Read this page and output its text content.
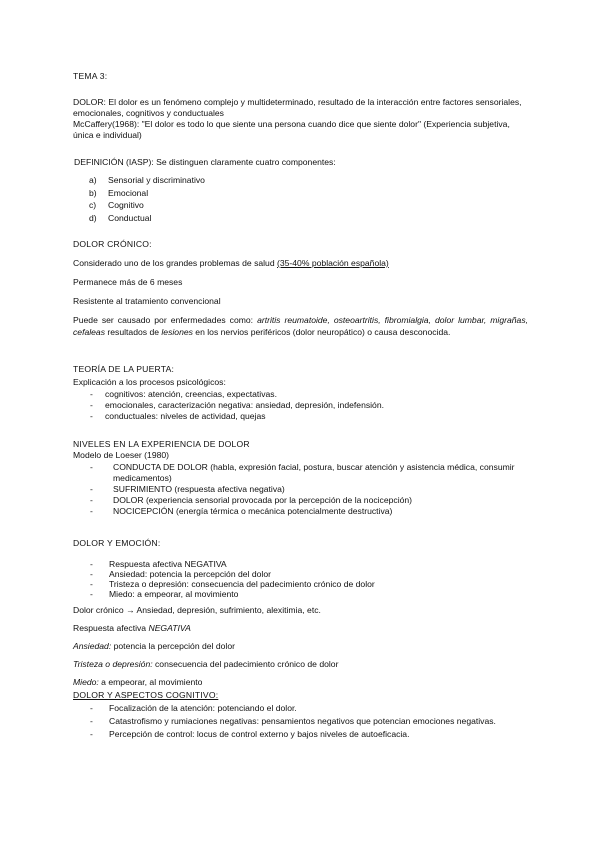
TEMA 3:

DOLOR: El dolor es un fenómeno complejo y multideterminado, resultado de la interacción entre factores sensoriales, emocionales, cognitivos y conductuales

McCaffery(1968): "El dolor es todo lo que siente una persona cuando dice que siente dolor" (Experiencia subjetiva, única e individual)

DEFINICIÓN (IASP): Se distinguen claramente cuatro componentes:

a)	Sensorial y discriminativo
b)	Emocional
c)	Cognitivo
d)	Conductual

DOLOR CRÓNICO:

Considerado uno de los grandes problemas de salud (35-40% población española)

Permanece más de 6 meses

Resistente al tratamiento convencional

Puede ser causado por enfermedades como: artritis reumatoide, osteoartritis, fibromialgia, dolor lumbar, migrañas, cefaleas resultados de lesiones en los nervios periféricos (dolor neuropático) o causa desconocida.

TEORÍA DE LA PUERTA:

Explicación a los procesos psicológicos:

-	cognitivos: atención, creencias, expectativas.
-	emocionales, caracterización negativa: ansiedad, depresión, indefensión.
-	conductuales: niveles de actividad, quejas

NIVELES EN LA EXPERIENCIA DE DOLOR

Modelo de Loeser (1980)

-	CONDUCTA DE DOLOR (habla, expresión facial, postura, buscar atención y asistencia médica, consumir medicamentos)
-	SUFRIMIENTO (respuesta afectiva negativa)
-	DOLOR (experiencia sensorial provocada por la percepción de la nocicepción)
-	NOCICEPCIÓN (energía térmica o mecánica potencialmente destructiva)

DOLOR Y EMOCIÓN:

-	Respuesta afectiva NEGATIVA
-	Ansiedad: potencia la percepción del dolor
-	Tristeza o depresión: consecuencia del padecimiento crónico de dolor
-	Miedo: a empeorar, al movimiento

Dolor crónico → Ansiedad, depresión, sufrimiento, alexitimia, etc.

Respuesta afectiva NEGATIVA

Ansiedad: potencia la percepción del dolor

Tristeza o depresión: consecuencia del padecimiento crónico de dolor

Miedo: a empeorar, al movimiento

DOLOR Y ASPECTOS COGNITIVO:

-	Focalización de la atención: potenciando el dolor.
-	Catastrofismo y rumiaciones negativas: pensamientos negativos que potencian emociones negativas.
-	Percepción de control: locus de control externo y bajos niveles de autoeficacia.
